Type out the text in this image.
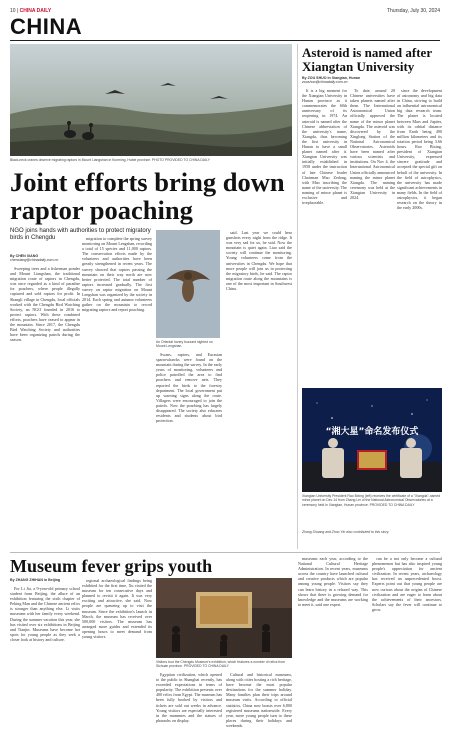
10 | CHINA DAILY	Thursday, July 30, 2024
CHINA
Black-neck cranes observe migrating raptors in Mount Liangshan in Kunming, Hubei province. PHOTO PROVIDED TO CHINA DAILY
Joint efforts bring down raptor poaching
NGO joins hands with authorities to protect migratory birds in Chengdu
By CHEN XIANG
chenxiang@chinadaily.com.cn

Sweeping trees and a fisherman ponder and Mount Liangshan, the traditional migration route of raptors in Chengdu, was once regarded as a kind of paradise for poachers, where people illegally captured and sold raptors for profit. In Shangli village in Chengdu, local officials worked with the Chengdu Bird Watching Society, an NGO founded in 2016 to protect raptors. With these combined efforts, poachers have ceased to appear in the mountain. Since 2017, the Chengdu Bird Watching Society and authorities have been organizing patrols during the season.

migration to complete the spring survey monitoring on Mount Lengshan, recording a total of 15 species and 11,000 raptors. The conservation efforts made by the volunteers and authorities have been greatly strengthened in recent years. The survey showed that raptors passing the mountain on their way north are now better protected. The total number of raptors increased gradually. The first survey on raptor migration on Mount Lengshan was organized by the society in 2014. Each spring and autumn volunteers gather on the mountain to record migrating raptors and report poaching.

An Oriental honey buzzard sighted on Mount Lengshan.

Swans, raptors, and Eurasian sparrowhawks were found on the mountain during the survey. In the early years of monitoring, volunteers and police patrolled the area to find poachers and remove nets. They reported the birds to the forestry department. The local government put up warning signs along the route. Villagers were encouraged to join the patrols. Now the poaching has largely disappeared. The society also educates residents and students about bird protection.

said. Last year we could hear gunshots every night from the ridge. It was very sad for us, he said. Now the mountain is quiet again. Liao said the society will continue the monitoring. Young volunteers come from the universities in Chengdu. We hope that more people will join us in protecting the migratory birds, he said. The raptor migration route along the mountains is one of the most important in Southwest China.

Asteroid is named after Xiangtan University
By ZOU SHUO in Xiangtan, Hunan
zoushuo@chinadaily.com.cn

It is a big moment for the Xiangtan University in Hunan province as it commemorates the 60th anniversary of its reopening in 1974. An asteroid is named after the Chinese abbreviation of the university's name, Xiangda, thus becoming the first university in Hunan to have a small planet named after it. Xiangtan University was initially established in 1958 under the instruction of late Chinese leader Chairman Mao Zedong, with Mao inscribing the name of the university. The naming of minor planet is exclusive and irreplaceable.

To date, around 20 Chinese universities have taken planets named after them. The International Astronomical Union officially approved the name of the minor planet Xiangda. The asteroid was discovered by the Xinglong Station of the National Astronomical Observatories. Asteroids have been named after various scientists and institutions. On Nov 4, the International Astronomical Union officially announced naming the minor planet Xiangda. The naming ceremony was held at the Xiangtan University in 2024.

since the development of astronomy and big data in China, striving to build an influential astronomical big data research team. The planet is located between Mars and Jupiter, with its orbital distance from Earth being 490 million kilometers and its rotation period being 3.66 hours. Rao Bixing, president of Xiangtan University, expressed sincere gratitude and accepted the special gift on behalf of the university. In the field of astrophysics, the university has made significant achievements in many fields. In the field of astrophysics, it began research on the theory in the early 2000s.

“湘大星”命名发布仪式
Xiangtan University President Rao Bixing (left) receives the certificate of a "Xiangda"-named minor planet on Dec 14 from Zhang Lei of the National Astronomical Observatories at a ceremony held in Xiangtan, Hunan province. PROVIDED TO CHINA DAILY
Zhang Shuang and Zhuo Yin also contributed to this story.
Museum fever grips youth
By ZHANG ZHIHAN in Beijing

For Li Jia, a 9-year-old primary school student from Beijing, the allure of an exhibition featuring the sixth chapter of Peking Man and the Chinese ancient relics is stronger than anything else. Li visits museums with her family every weekend. During the summer vacation this year, she has visited over six exhibitions in Beijing and Tianjin. Museums have become hot spots for young people as they seek a closer look at history and culture.

regional archaeological findings being exhibited for the first time, Xu visited the museum for ten consecutive days and planned to revisit it again. It was very exciting and attractive, she said. Now people are queueing up to visit the museum. Since the exhibition's launch in March, the museum has received over 500,000 visitors. The museum has arranged more guides and extended its opening hours to meet demand from young visitors.

Visitors tour the Chengdu Museum's exhibition, which features a number of relics from Sichuan province. PROVIDED TO CHINA DAILY

Egyptian civilization, which opened to the public in Shanghai recently, has exceeded expectations in terms of popularity. The exhibition presents over 400 relics from Egypt. The museum has been fully booked by visitors and tickets are sold out weeks in advance. Young visitors are especially interested in the mummies and the statues of pharaohs on display.

Cultural and historical museums, along with cities hosting a rich heritage, have become the most popular destinations for the summer holiday. Many families plan their trips around museum visits. According to official statistics, China now boasts over 6,800 registered museums nationwide. Every year, more young people turn to these places during their holidays and weekends.

museums each year, according to the National Cultural Heritage Administration. In recent years, museums across the country have launched cultural and creative products which are popular among young people. Visitors say they can learn history in a relaxed way. This shows that there is growing demand for knowledge and the museums are working to meet it, said one expert.

can be a not only become a cultural phenomenon but has also inspired young people's appreciation for ancient civilization. In recent years, archaeology has received an unprecedented boost. Experts point out that young people are now curious about the origins of Chinese civilization and are eager to learn about the achievements of their ancestors. Scholars say the fever will continue to grow.
